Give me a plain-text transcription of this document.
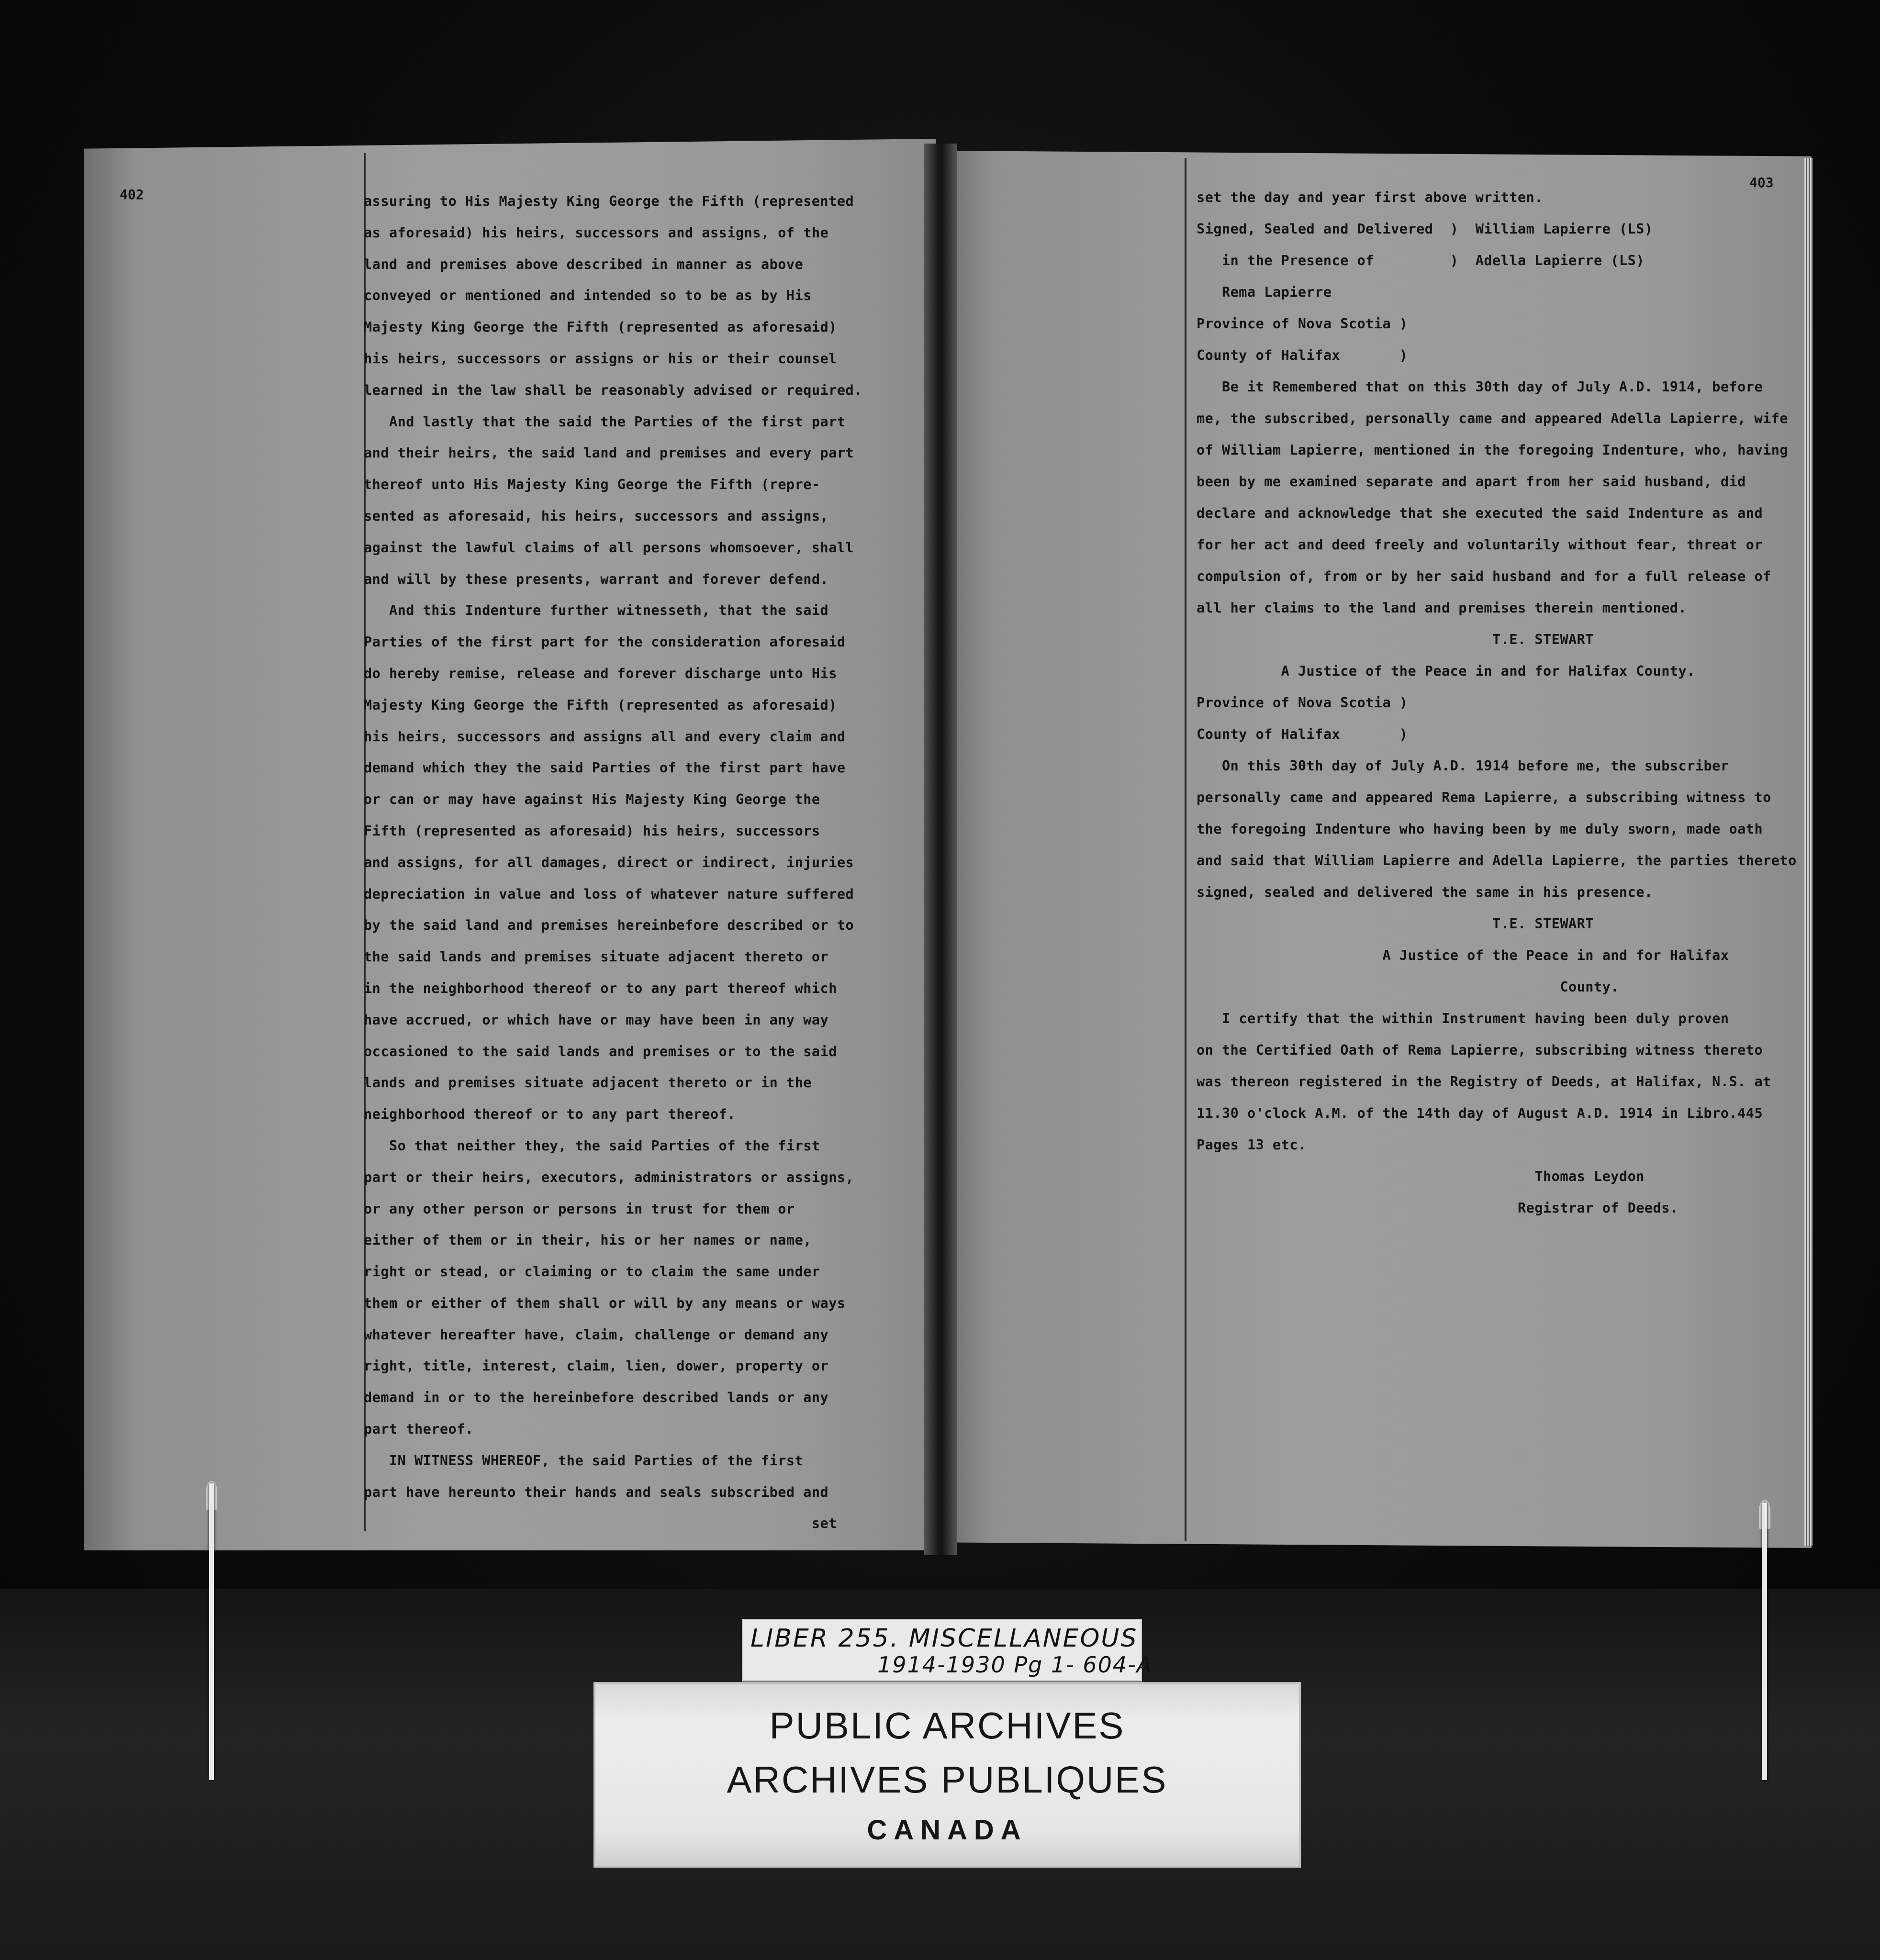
402
403
assuring to His Majesty King George the Fifth (represented
as aforesaid) his heirs, successors and assigns, of the
land and premises above described in manner as above
conveyed or mentioned and intended so to be as by His
Majesty King George the Fifth (represented as aforesaid)
his heirs, successors or assigns or his or their counsel
learned in the law shall be reasonably advised or required.
And lastly that the said the Parties of the first part
and their heirs, the said land and premises and every part
thereof unto His Majesty King George the Fifth (repre-
sented as aforesaid, his heirs, successors and assigns,
against the lawful claims of all persons whomsoever, shall
and will by these presents, warrant and forever defend.
And this Indenture further witnesseth, that the said
Parties of the first part for the consideration aforesaid
do hereby remise, release and forever discharge unto His
Majesty King George the Fifth (represented as aforesaid)
his heirs, successors and assigns all and every claim and
demand which they the said Parties of the first part have
or can or may have against His Majesty King George the
Fifth (represented as aforesaid) his heirs, successors
and assigns, for all damages, direct or indirect, injuries
depreciation in value and loss of whatever nature suffered
by the said land and premises hereinbefore described or to
the said lands and premises situate adjacent thereto or
in the neighborhood thereof or to any part thereof which
have accrued, or which have or may have been in any way
occasioned to the said lands and premises or to the said
lands and premises situate adjacent thereto or in the
neighborhood thereof or to any part thereof.
So that neither they, the said Parties of the first
part or their heirs, executors, administrators or assigns,
or any other person or persons in trust for them or
either of them or in their, his or her names or name,
right or stead, or claiming or to claim the same under
them or either of them shall or will by any means or ways
whatever hereafter have, claim, challenge or demand any
right, title, interest, claim, lien, dower, property or
demand in or to the hereinbefore described lands or any
part thereof.
IN WITNESS WHEREOF, the said Parties of the first
part have hereunto their hands and seals subscribed and
set
set the day and year first above written.
Signed, Sealed and Delivered  )  William Lapierre (LS)
in the Presence of         )  Adella Lapierre (LS)
Rema Lapierre
Province of Nova Scotia )
County of Halifax       )
Be it Remembered that on this 30th day of July A.D. 1914, before
me, the subscribed, personally came and appeared Adella Lapierre, wife
of William Lapierre, mentioned in the foregoing Indenture, who, having
been by me examined separate and apart from her said husband, did
declare and acknowledge that she executed the said Indenture as and
for her act and deed freely and voluntarily without fear, threat or
compulsion of, from or by her said husband and for a full release of
all her claims to the land and premises therein mentioned.
T.E. STEWART
A Justice of the Peace in and for Halifax County.
Province of Nova Scotia )
County of Halifax       )
On this 30th day of July A.D. 1914 before me, the subscriber
personally came and appeared Rema Lapierre, a subscribing witness to
the foregoing Indenture who having been by me duly sworn, made oath
and said that William Lapierre and Adella Lapierre, the parties thereto
signed, sealed and delivered the same in his presence.
T.E. STEWART
A Justice of the Peace in and for Halifax
County.
I certify that the within Instrument having been duly proven
on the Certified Oath of Rema Lapierre, subscribing witness thereto
was thereon registered in the Registry of Deeds, at Halifax, N.S. at
11.30 o'clock A.M. of the 14th day of August A.D. 1914 in Libro.445
Pages 13 etc.
Thomas Leydon
Registrar of Deeds.
LIBER 255. MISCELLANEOUS
1914-1930 Pg 1- 604-A
PUBLIC ARCHIVES
ARCHIVES PUBLIQUES
CANADA
